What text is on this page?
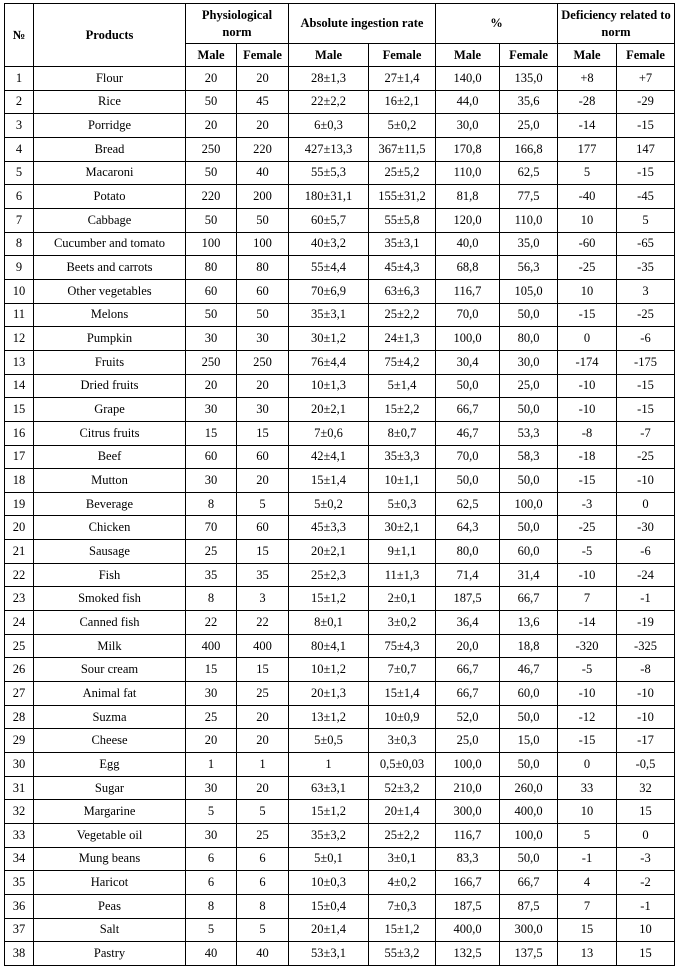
№	Products	Physiological norm		Absolute ingestion rate		%		Deficiency related to norm	
		Male	Female	Male	Female	Male	Female	Male	Female
1	Flour	20	20	28±1,3	27±1,4	140,0	135,0	+8	+7
2	Rice	50	45	22±2,2	16±2,1	44,0	35,6	-28	-29
3	Porridge	20	20	6±0,3	5±0,2	30,0	25,0	-14	-15
4	Bread	250	220	427±13,3	367±11,5	170,8	166,8	177	147
5	Macaroni	50	40	55±5,3	25±5,2	110,0	62,5	5	-15
6	Potato	220	200	180±31,1	155±31,2	81,8	77,5	-40	-45
7	Cabbage	50	50	60±5,7	55±5,8	120,0	110,0	10	5
8	Cucumber and tomato	100	100	40±3,2	35±3,1	40,0	35,0	-60	-65
9	Beets and carrots	80	80	55±4,4	45±4,3	68,8	56,3	-25	-35
10	Other vegetables	60	60	70±6,9	63±6,3	116,7	105,0	10	3
11	Melons	50	50	35±3,1	25±2,2	70,0	50,0	-15	-25
12	Pumpkin	30	30	30±1,2	24±1,3	100,0	80,0	0	-6
13	Fruits	250	250	76±4,4	75±4,2	30,4	30,0	-174	-175
14	Dried fruits	20	20	10±1,3	5±1,4	50,0	25,0	-10	-15
15	Grape	30	30	20±2,1	15±2,2	66,7	50,0	-10	-15
16	Citrus fruits	15	15	7±0,6	8±0,7	46,7	53,3	-8	-7
17	Beef	60	60	42±4,1	35±3,3	70,0	58,3	-18	-25
18	Mutton	30	20	15±1,4	10±1,1	50,0	50,0	-15	-10
19	Beverage	8	5	5±0,2	5±0,3	62,5	100,0	-3	0
20	Chicken	70	60	45±3,3	30±2,1	64,3	50,0	-25	-30
21	Sausage	25	15	20±2,1	9±1,1	80,0	60,0	-5	-6
22	Fish	35	35	25±2,3	11±1,3	71,4	31,4	-10	-24
23	Smoked fish	8	3	15±1,2	2±0,1	187,5	66,7	7	-1
24	Canned fish	22	22	8±0,1	3±0,2	36,4	13,6	-14	-19
25	Milk	400	400	80±4,1	75±4,3	20,0	18,8	-320	-325
26	Sour cream	15	15	10±1,2	7±0,7	66,7	46,7	-5	-8
27	Animal fat	30	25	20±1,3	15±1,4	66,7	60,0	-10	-10
28	Suzma	25	20	13±1,2	10±0,9	52,0	50,0	-12	-10
29	Cheese	20	20	5±0,5	3±0,3	25,0	15,0	-15	-17
30	Egg	1	1	1	0,5±0,03	100,0	50,0	0	-0,5
31	Sugar	30	20	63±3,1	52±3,2	210,0	260,0	33	32
32	Margarine	5	5	15±1,2	20±1,4	300,0	400,0	10	15
33	Vegetable oil	30	25	35±3,2	25±2,2	116,7	100,0	5	0
34	Mung beans	6	6	5±0,1	3±0,1	83,3	50,0	-1	-3
35	Haricot	6	6	10±0,3	4±0,2	166,7	66,7	4	-2
36	Peas	8	8	15±0,4	7±0,3	187,5	87,5	7	-1
37	Salt	5	5	20±1,4	15±1,2	400,0	300,0	15	10
38	Pastry	40	40	53±3,1	55±3,2	132,5	137,5	13	15
